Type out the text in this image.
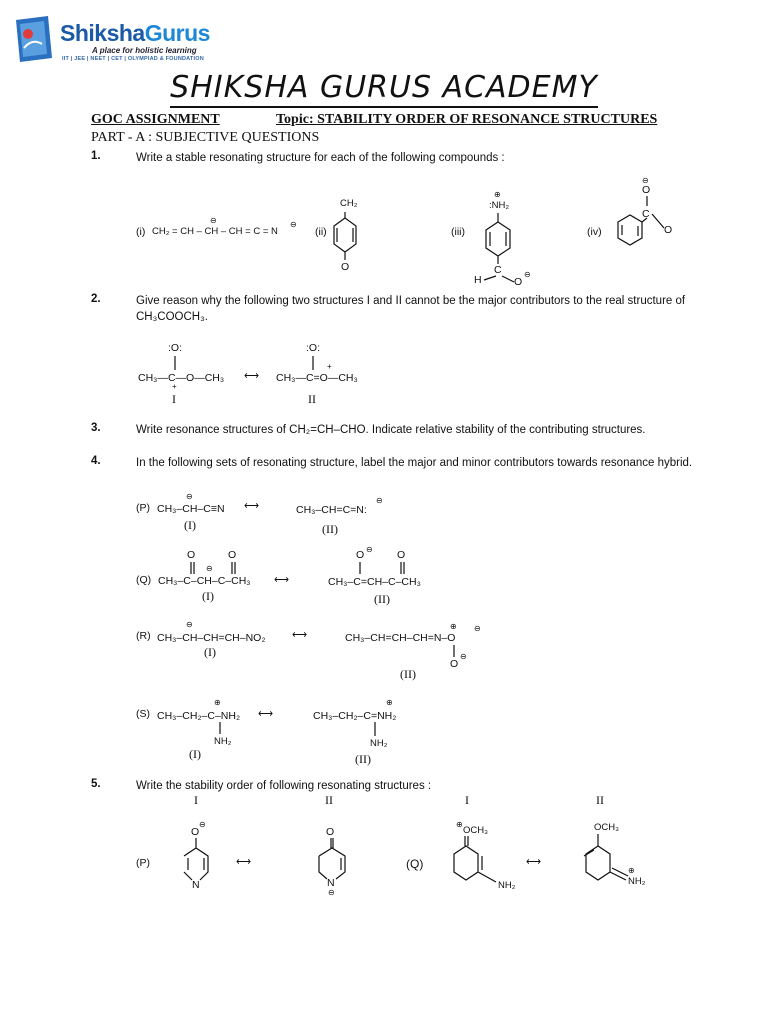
ShikshaGurus
A place for holistic learning
IIT | JEE | NEET | CET | OLYMPIAD & FOUNDATION
SHIKSHA GURUS ACADEMY
GOC ASSIGNMENT	Topic: STABILITY ORDER OF RESONANCE STRUCTURES
PART - A : SUBJECTIVE QUESTIONS
1.	Write a stable resonating structure for each of the following compounds :
(i) CH₂ = CH – CH – CH = C = N
⊖	⊖
(ii)
CH₂
O
(iii)
⊕
:NH₂
C
H	O
⊖
(iv)
⊖
O
C
O
2.	Give reason why the following two structures I and II cannot be the major contributors to the real structure of CH₃COOCH₃.
:O:
CH₃—C—O—CH₃
+
⟷
:O:
CH₃—C=O—CH₃
+
I	II
3.	Write resonance structures of CH₂=CH–CHO. Indicate relative stability of the contributing structures.
4.	In the following sets of resonating structure, label the major and minor contributors towards resonance hybrid.
(P)
⊖
CH₃–CH–C≡N ⟷	CH₃–CH=C=N:
⊖
(I)	(II)
(Q)
O	O
⊖
CH₃–C–CH–C–CH₃ ⟷
O ⊖ O
CH₃–C=CH–C–CH₃
(I)	(II)
(R)
⊖
CH₃–CH–CH=CH–NO₂	⟷	CH₃–CH=CH–CH=N–O
⊕ ⊖
O
⊖
(I)
(II)
(S)
⊕
CH₃–CH₂–C–NH₂
NH₂
⟷
⊕
CH₃–CH₂–C=NH₂
NH₂
(I)	(II)
5.	Write the stability order of following resonating structures :
I	II	I	II
(P)
O
⊖
N
⟷
O
N
⊖
(Q)
⊕
OCH₃
NH₂
⟷
OCH₃
⊕
NH₂
